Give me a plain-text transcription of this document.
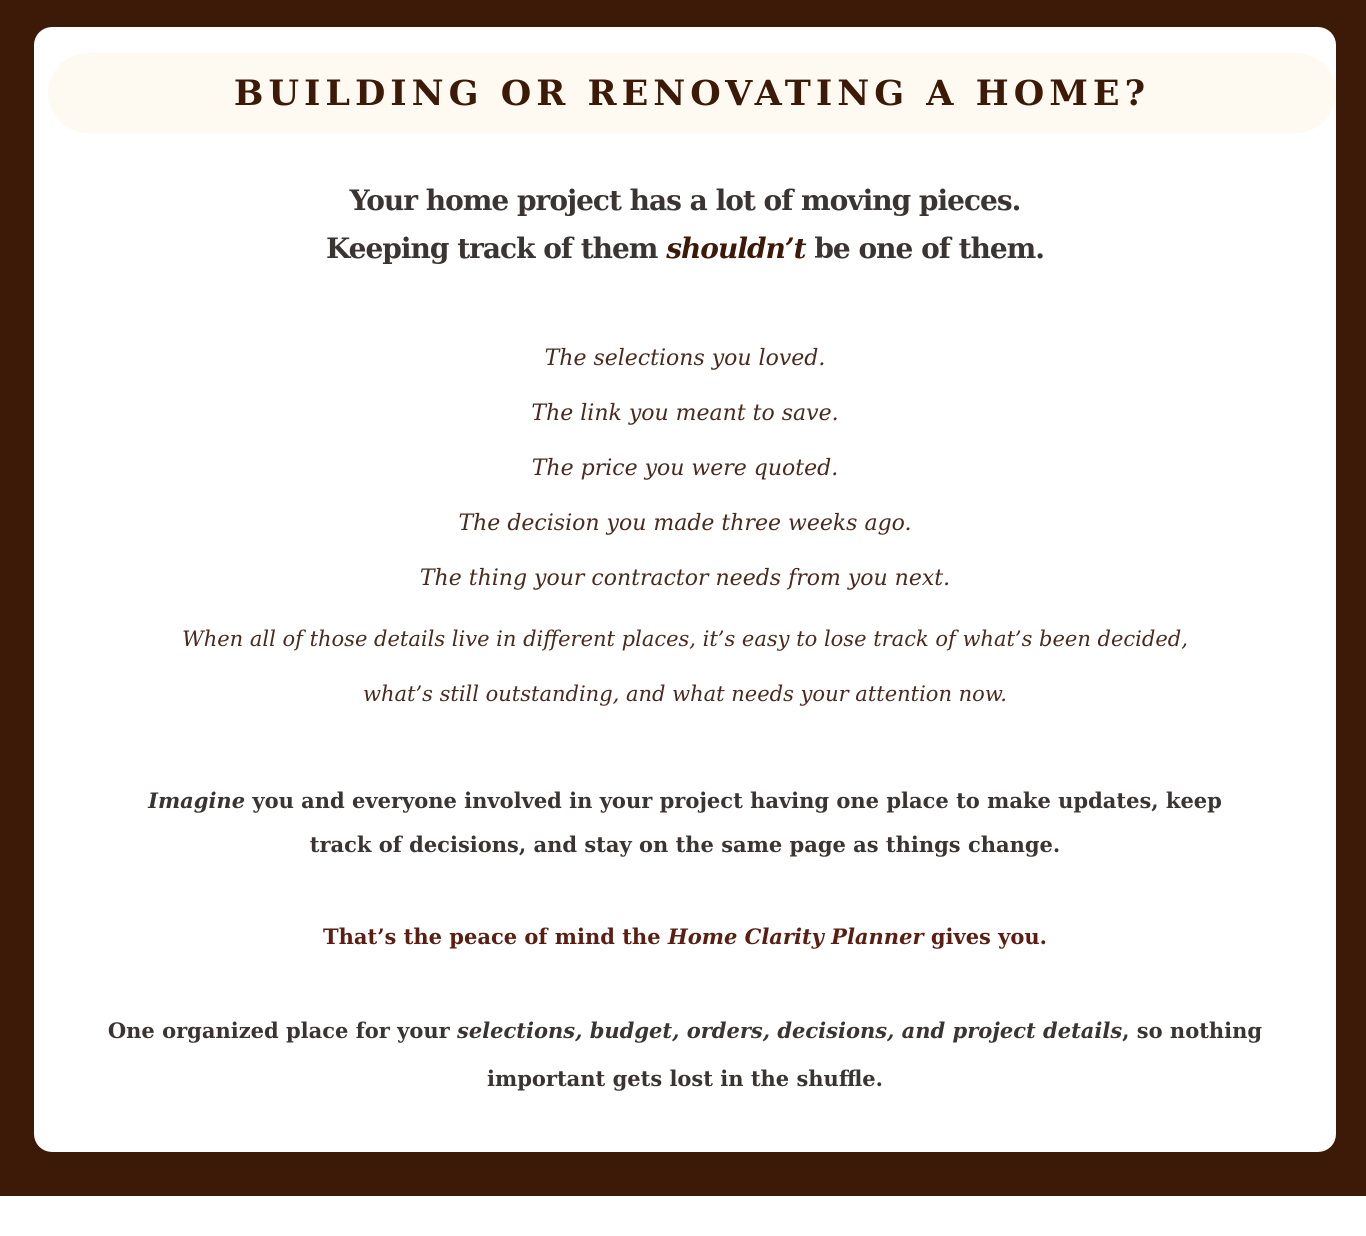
BUILDING OR RENOVATING A HOME?
Your home project has a lot of moving pieces.
Keeping track of them shouldn’t be one of them.
The selections you loved.
The link you meant to save.
The price you were quoted.
The decision you made three weeks ago.
The thing your contractor needs from you next.
When all of those details live in different places, it’s easy to lose track of what’s been decided, what’s still outstanding, and what needs your attention now.
Imagine you and everyone involved in your project having one place to make updates, keep track of decisions, and stay on the same page as things change.
That’s the peace of mind the Home Clarity Planner gives you.
One organized place for your selections, budget, orders, decisions, and project details, so nothing important gets lost in the shuffle.
